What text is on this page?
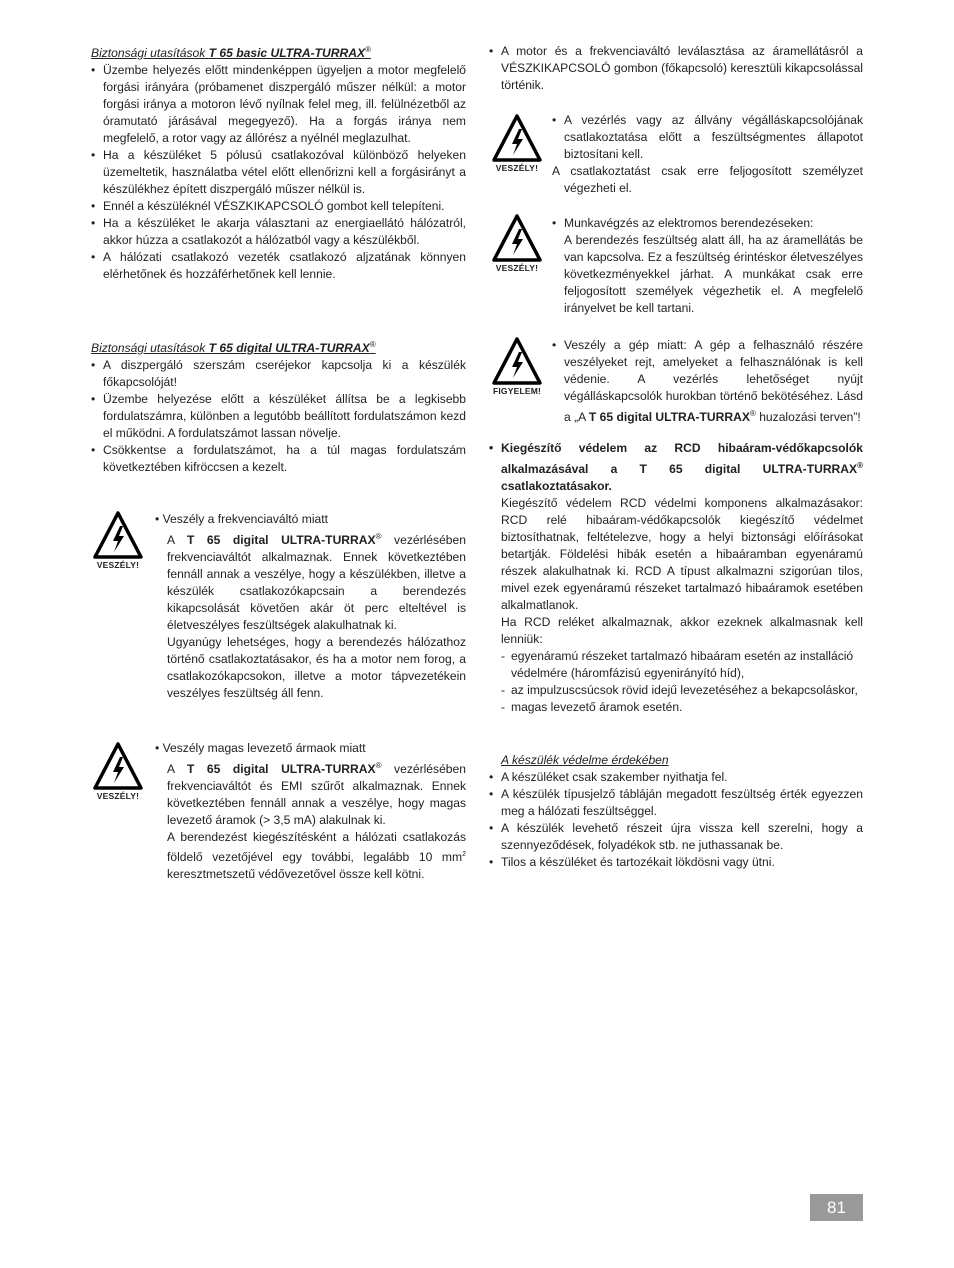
Biztonsági utasítások T 65 basic ULTRA-TURRAX®
• Üzembe helyezés előtt mindenképpen ügyeljen a motor megfelelő forgási irányára (próbamenet diszpergáló műszer nélkül: a motor forgási iránya a motoron lévő nyílnak felel meg, ill. felülnézetből az óramutató járásával megegyező). Ha a forgás iránya nem megfelelő, a rotor vagy az állórész a nyélnél meglazulhat.
• Ha a készüléket 5 pólusú csatlakozóval különböző helyeken üzemeltetik, használatba vétel előtt ellenőrizni kell a forgásirányt a készülékhez épített diszpergáló műszer nélkül is.
• Ennél a készüléknél VÉSZKIKAPCSOLÓ gombot kell telepíteni.
• Ha a készüléket le akarja választani az energiaellátó hálózatról, akkor húzza a csatlakozót a hálózatból vagy a készülékből.
• A hálózati csatlakozó vezeték csatlakozó aljzatának könnyen elérhetőnek és hozzáférhetőnek kell lennie.
Biztonsági utasítások T 65 digital ULTRA-TURRAX®
• A diszpergáló szerszám cseréjekor kapcsolja ki a készülék főkapcsolóját!
• Üzembe helyezése előtt a készüléket állítsa be a legkisebb fordulatszámra, különben a legutóbb beállított fordulatszámon kezd el működni. A fordulatszámot lassan növelje.
• Csökkentse a fordulatszámot, ha a túl magas fordulatszám következtében kifröccsen a kezelt.
VESZÉLY!

• Veszély a frekvenciaváltó miatt

A T 65 digital ULTRA-TURRAX® vezérlésében frekvenciaváltót alkalmaznak. Ennek következtében fennáll annak a veszélye, hogy a készülékben, illetve a készülék csatlakozókapcsain a berendezés kikapcsolását követően akár öt perc elteltével is életveszélyes feszültségek alakulhatnak ki.

Ugyanúgy lehetséges, hogy a berendezés hálózathoz történő csatlakoztatásakor, és ha a motor nem forog, a csatlakozókapcsokon, illetve a motor tápvezetékein veszélyes feszültség áll fenn.

VESZÉLY!

• Veszély magas levezető ármaok miatt

A T 65 digital ULTRA-TURRAX® vezérlésében frekvenciaváltót és EMI szűrőt alkalmaznak. Ennek következtében fennáll annak a veszélye, hogy magas levezető áramok (> 3,5 mA) alakulnak ki.

A berendezést kiegészítésként a hálózati csatlakozás földelő vezetőjével egy további, legalább 10 $mm^2$ keresztmetszetű védővezetővel össze kell kötni.

• A motor és a frekvenciaváltó leválasztása az áramellátásról a VÉSZKIKAPCSOLÓ gombon (főkapcsoló) keresztüli kikapcsolással történik.
VESZÉLY!
• A vezérlés vagy az állvány végálláskapcsolójának csatlakoztatása előtt a feszültségmentes állapotot biztosítani kell.

A csatlakoztatást csak erre feljogosított személyzet végezheti el.

VESZÉLY!
• Munkavégzés az elektromos berendezéseken:

A berendezés feszültség alatt áll, ha az áramellátás be van kapcsolva. Ez a feszültség érintéskor életveszélyes következményekkel járhat. A munkákat csak erre feljogosított személyek végezhetik el. A megfelelő irányelvet be kell tartani.

FIGYELEM!
• Veszély a gép miatt: A gép a felhasználó részére veszélyeket rejt, amelyeket a felhasználónak is kell védenie. A vezérlés lehetőséget nyújt végálláskapcsolók hurokban történő bekötéséhez. Lásd a „A T 65 digital ULTRA-TURRAX® huzalozási terven”!
• Kiegészítő védelem az RCD hibaáram-védőkapcsolók alkalmazásával a T 65 digital ULTRA-TURRAX® csatlakoztatásakor.

Kiegészítő védelem RCD védelmi komponens alkalmazásakor: RCD relé hibaáram-védőkapcsolók kiegészítő védelmet biztosíthatnak, feltételezve, hogy a helyi biztonsági előírásokat betartják. Földelési hibák esetén a hibaáramban egyenáramú részek alakulhatnak ki. RCD A típust alkalmazni szigorúan tilos, mivel ezek egyenáramú részeket tartalmazó hibaáramok esetében alkalmatlanok.

Ha RCD reléket alkalmaznak, akkor ezeknek alkalmasnak kell lenniük:

- egyenáramú részeket tartalmazó hibaáram esetén az installáció védelmére (háromfázisú egyenirányító híd),
- az impulzuscsúcsok rövid idejű levezetéséhez a bekapcsoláskor,
- magas levezető áramok esetén.
A készülék védelme érdekében
• A készüléket csak szakember nyithatja fel.
• A készülék típusjelző tábláján megadott feszültség érték egyezzen meg a hálózati feszültséggel.
• A készülék levehető részeit újra vissza kell szerelni, hogy a szennyeződések, folyadékok stb. ne juthassanak be.
• Tilos a készüléket és tartozékait lökdösni vagy ütni.
81
